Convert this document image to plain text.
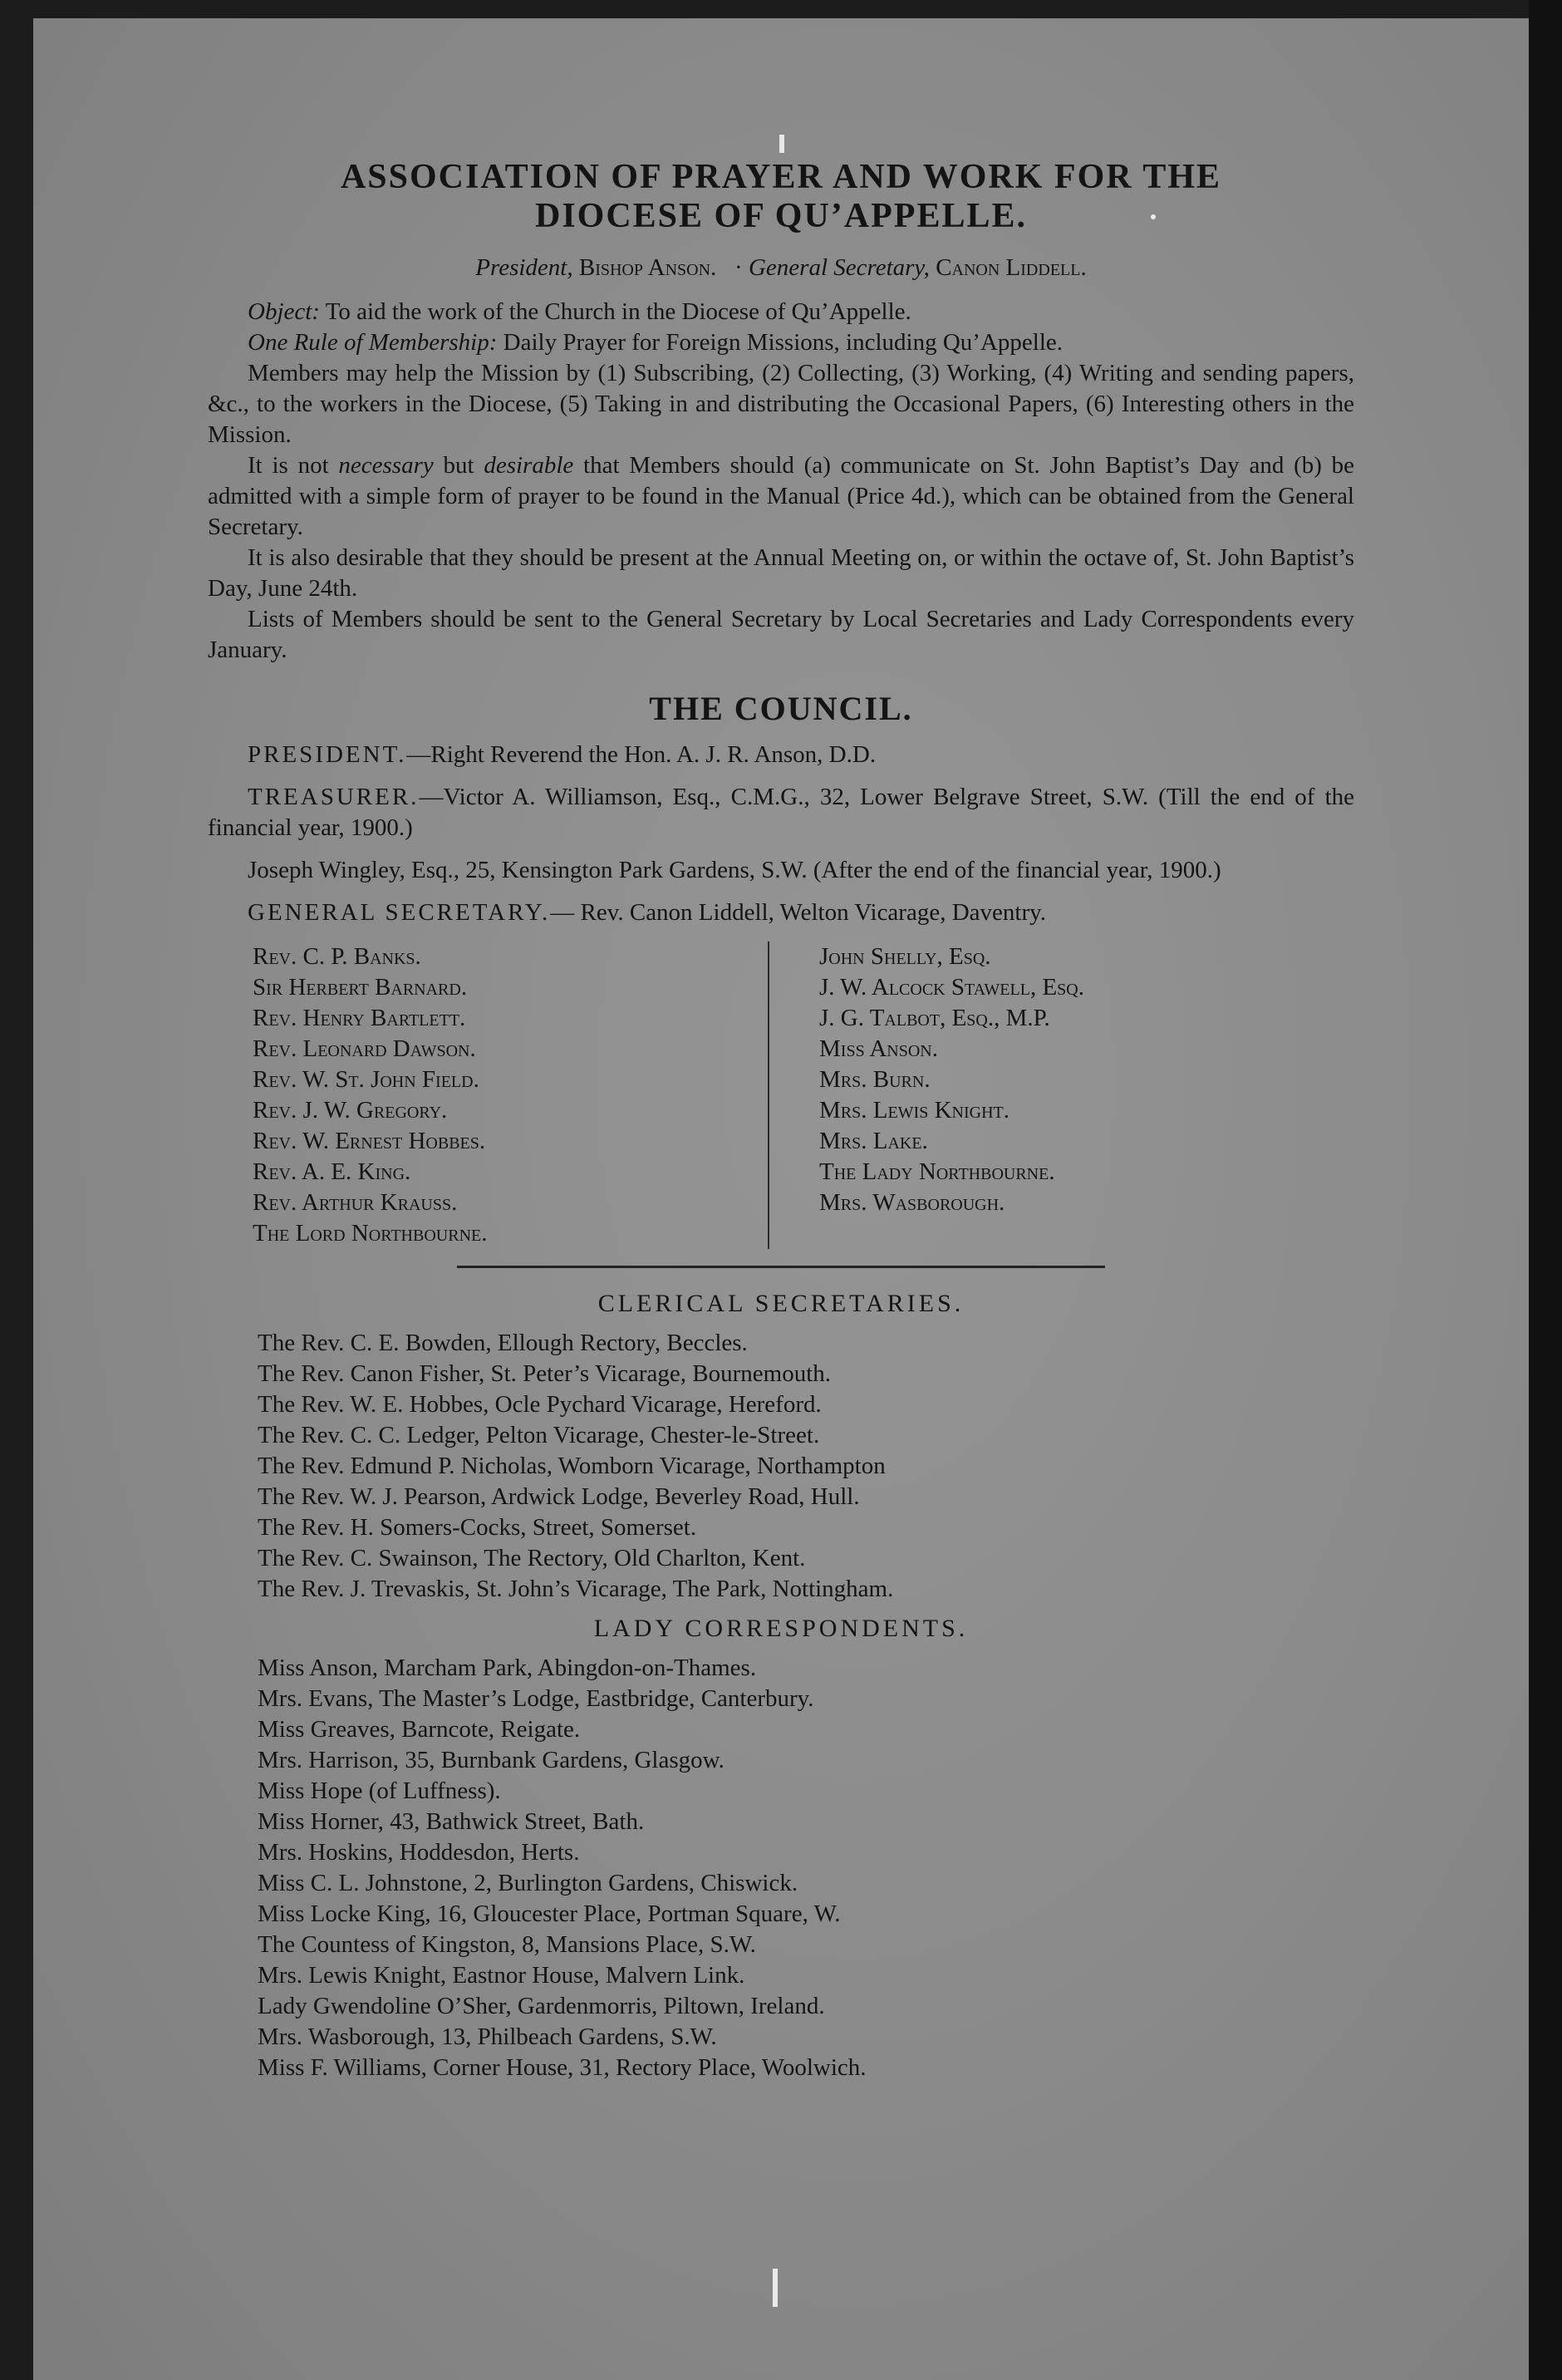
ASSOCIATION OF PRAYER AND WORK FOR THE
DIOCESE OF QU’APPELLE.
President, Bishop Anson.   · General Secretary, Canon Liddell.

Object: To aid the work of the Church in the Diocese of Qu’Appelle.

One Rule of Membership: Daily Prayer for Foreign Missions, including Qu’Appelle.

Members may help the Mission by (1) Subscribing, (2) Collecting, (3) Working, (4) Writing and sending papers, &c., to the workers in the Diocese, (5) Taking in and distributing the Occasional Papers, (6) Interesting others in the Mission.

It is not necessary but desirable that Members should (a) communicate on St. John Baptist’s Day and (b) be admitted with a simple form of prayer to be found in the Manual (Price 4d.), which can be obtained from the General Secretary.

It is also desirable that they should be present at the Annual Meeting on, or within the octave of, St. John Baptist’s Day, June 24th.

Lists of Members should be sent to the General Secretary by Local Secretaries and Lady Correspondents every January.

THE COUNCIL.
PRESIDENT.—Right Reverend the Hon. A. J. R. Anson, D.D.
TREASURER.—Victor A. Williamson, Esq., C.M.G., 32, Lower Belgrave Street, S.W. (Till the end of the financial year, 1900.)
Joseph Wingley, Esq., 25, Kensington Park Gardens, S.W. (After the end of the financial year, 1900.)
GENERAL SECRETARY.— Rev. Canon Liddell, Welton Vicarage, Daventry.
Rev. C. P. Banks.
Sir Herbert Barnard.
Rev. Henry Bartlett.
Rev. Leonard Dawson.
Rev. W. St. John Field.
Rev. J. W. Gregory.
Rev. W. Ernest Hobbes.
Rev. A. E. King.
Rev. Arthur Krauss.
The Lord Northbourne.
John Shelly, Esq.
J. W. Alcock Stawell, Esq.
J. G. Talbot, Esq., M.P.
Miss Anson.
Mrs. Burn.
Mrs. Lewis Knight.
Mrs. Lake.
The Lady Northbourne.
Mrs. Wasborough.
CLERICAL SECRETARIES.
The Rev. C. E. Bowden, Ellough Rectory, Beccles.
The Rev. Canon Fisher, St. Peter’s Vicarage, Bournemouth.
The Rev. W. E. Hobbes, Ocle Pychard Vicarage, Hereford.
The Rev. C. C. Ledger, Pelton Vicarage, Chester-le-Street.
The Rev. Edmund P. Nicholas, Womborn Vicarage, Northampton
The Rev. W. J. Pearson, Ardwick Lodge, Beverley Road, Hull.
The Rev. H. Somers-Cocks, Street, Somerset.
The Rev. C. Swainson, The Rectory, Old Charlton, Kent.
The Rev. J. Trevaskis, St. John’s Vicarage, The Park, Nottingham.
LADY CORRESPONDENTS.
Miss Anson, Marcham Park, Abingdon-on-Thames.
Mrs. Evans, The Master’s Lodge, Eastbridge, Canterbury.
Miss Greaves, Barncote, Reigate.
Mrs. Harrison, 35, Burnbank Gardens, Glasgow.
Miss Hope (of Luffness).
Miss Horner, 43, Bathwick Street, Bath.
Mrs. Hoskins, Hoddesdon, Herts.
Miss C. L. Johnstone, 2, Burlington Gardens, Chiswick.
Miss Locke King, 16, Gloucester Place, Portman Square, W.
The Countess of Kingston, 8, Mansions Place, S.W.
Mrs. Lewis Knight, Eastnor House, Malvern Link.
Lady Gwendoline O’Sher, Gardenmorris, Piltown, Ireland.
Mrs. Wasborough, 13, Philbeach Gardens, S.W.
Miss F. Williams, Corner House, 31, Rectory Place, Woolwich.
